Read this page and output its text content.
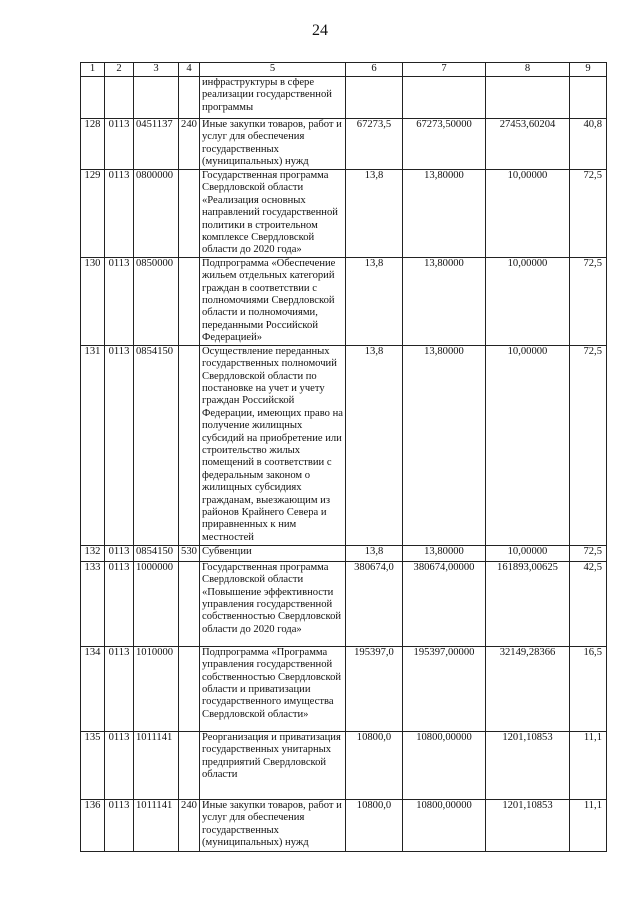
24
1	2	3	4	5	6	7	8	9
				инфраструктуры в сфере реализации государственной программы				
128	0113	0451137	240	Иные закупки товаров, работ и услуг для обеспечения государственных (муниципальных) нужд	67273,5	67273,50000	27453,60204	40,8
129	0113	0800000		Государственная программа Свердловской области «Реализация основных направлений государственной политики в строительном комплексе Свердловской области до 2020 года»	13,8	13,80000	10,00000	72,5
130	0113	0850000		Подпрограмма «Обеспечение жильем отдельных категорий граждан в соответствии с полномочиями Свердловской области и полномочиями, переданными Российской Федерацией»	13,8	13,80000	10,00000	72,5
131	0113	0854150		Осуществление переданных государственных полномочий Свердловской области по постановке на учет и учету граждан Российской Федерации, имеющих право на получение жилищных субсидий на приобретение или строительство жилых помещений в соответствии с федеральным законом о жилищных субсидиях гражданам, выезжающим из районов Крайнего Севера и приравненных к ним местностей	13,8	13,80000	10,00000	72,5
132	0113	0854150	530	Субвенции	13,8	13,80000	10,00000	72,5
133	0113	1000000		Государственная программа Свердловской области «Повышение эффективности управления государственной собственностью Свердловской области до 2020 года»	380674,0	380674,00000	161893,00625	42,5
134	0113	1010000		Подпрограмма «Программа управления государственной собственностью Свердловской области и приватизации государственного имущества Свердловской области»	195397,0	195397,00000	32149,28366	16,5
135	0113	1011141		Реорганизация и приватизация государственных унитарных предприятий Свердловской области	10800,0	10800,00000	1201,10853	11,1
136	0113	1011141	240	Иные закупки товаров, работ и услуг для обеспечения государственных (муниципальных) нужд	10800,0	10800,00000	1201,10853	11,1
